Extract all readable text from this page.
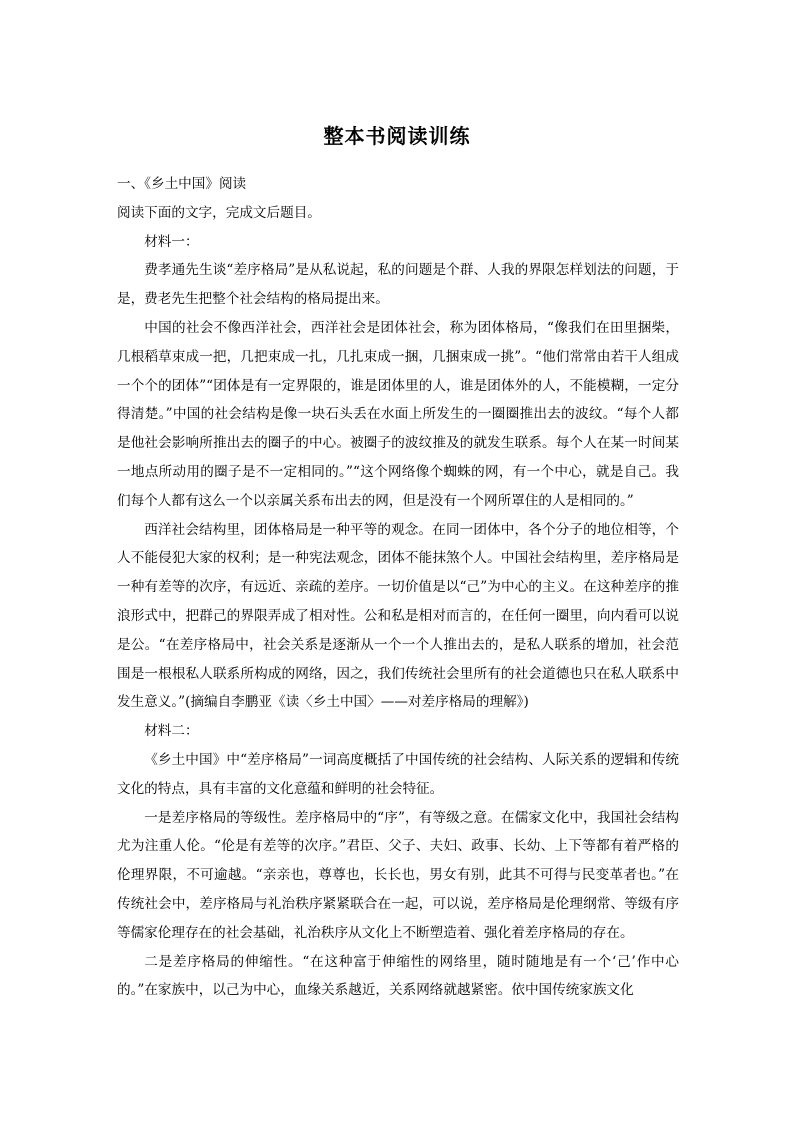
整本书阅读训练

一、《乡土中国》阅读

阅读下面的文字，完成文后题目。

材料一：

费孝通先生谈“差序格局”是从私说起，私的问题是个群、人我的界限怎样划法的问题，于是，费老先生把整个社会结构的格局提出来。

中国的社会不像西洋社会，西洋社会是团体社会，称为团体格局，“像我们在田里捆柴，几根稻草束成一把，几把束成一扎，几扎束成一捆，几捆束成一挑”。“他们常常由若干人组成一个个的团体”“团体是有一定界限的，谁是团体里的人，谁是团体外的人，不能模糊，一定分得清楚。”中国的社会结构是像一块石头丢在水面上所发生的一圈圈推出去的波纹。“每个人都是他社会影响所推出去的圈子的中心。被圈子的波纹推及的就发生联系。每个人在某一时间某一地点所动用的圈子是不一定相同的。”“这个网络像个蜘蛛的网，有一个中心，就是自己。我们每个人都有这么一个以亲属关系布出去的网，但是没有一个网所罩住的人是相同的。”

西洋社会结构里，团体格局是一种平等的观念。在同一团体中，各个分子的地位相等，个人不能侵犯大家的权利；是一种宪法观念，团体不能抹煞个人。中国社会结构里，差序格局是一种有差等的次序，有远近、亲疏的差序。一切价值是以“己”为中心的主义。在这种差序的推浪形式中，把群己的界限弄成了相对性。公和私是相对而言的，在任何一圈里，向内看可以说是公。“在差序格局中，社会关系是逐渐从一个一个人推出去的，是私人联系的增加，社会范围是一根根私人联系所构成的网络，因之，我们传统社会里所有的社会道德也只在私人联系中发生意义。”(摘编自李鹏亚《读〈乡土中国〉——对差序格局的理解》)

材料二：

《乡土中国》中“差序格局”一词高度概括了中国传统的社会结构、人际关系的逻辑和传统文化的特点，具有丰富的文化意蕴和鲜明的社会特征。

一是差序格局的等级性。差序格局中的“序”，有等级之意。在儒家文化中，我国社会结构尤为注重人伦。“伦是有差等的次序。”君臣、父子、夫妇、政事、长幼、上下等都有着严格的伦理界限，不可逾越。“亲亲也，尊尊也，长长也，男女有别，此其不可得与民变革者也。”在传统社会中，差序格局与礼治秩序紧紧联合在一起，可以说，差序格局是伦理纲常、等级有序等儒家伦理存在的社会基础，礼治秩序从文化上不断塑造着、强化着差序格局的存在。

二是差序格局的伸缩性。“在这种富于伸缩性的网络里，随时随地是有一个‘己’作中心的。”在家族中，以己为中心，血缘关系越近，关系网络就越紧密。依中国传统家族文化
